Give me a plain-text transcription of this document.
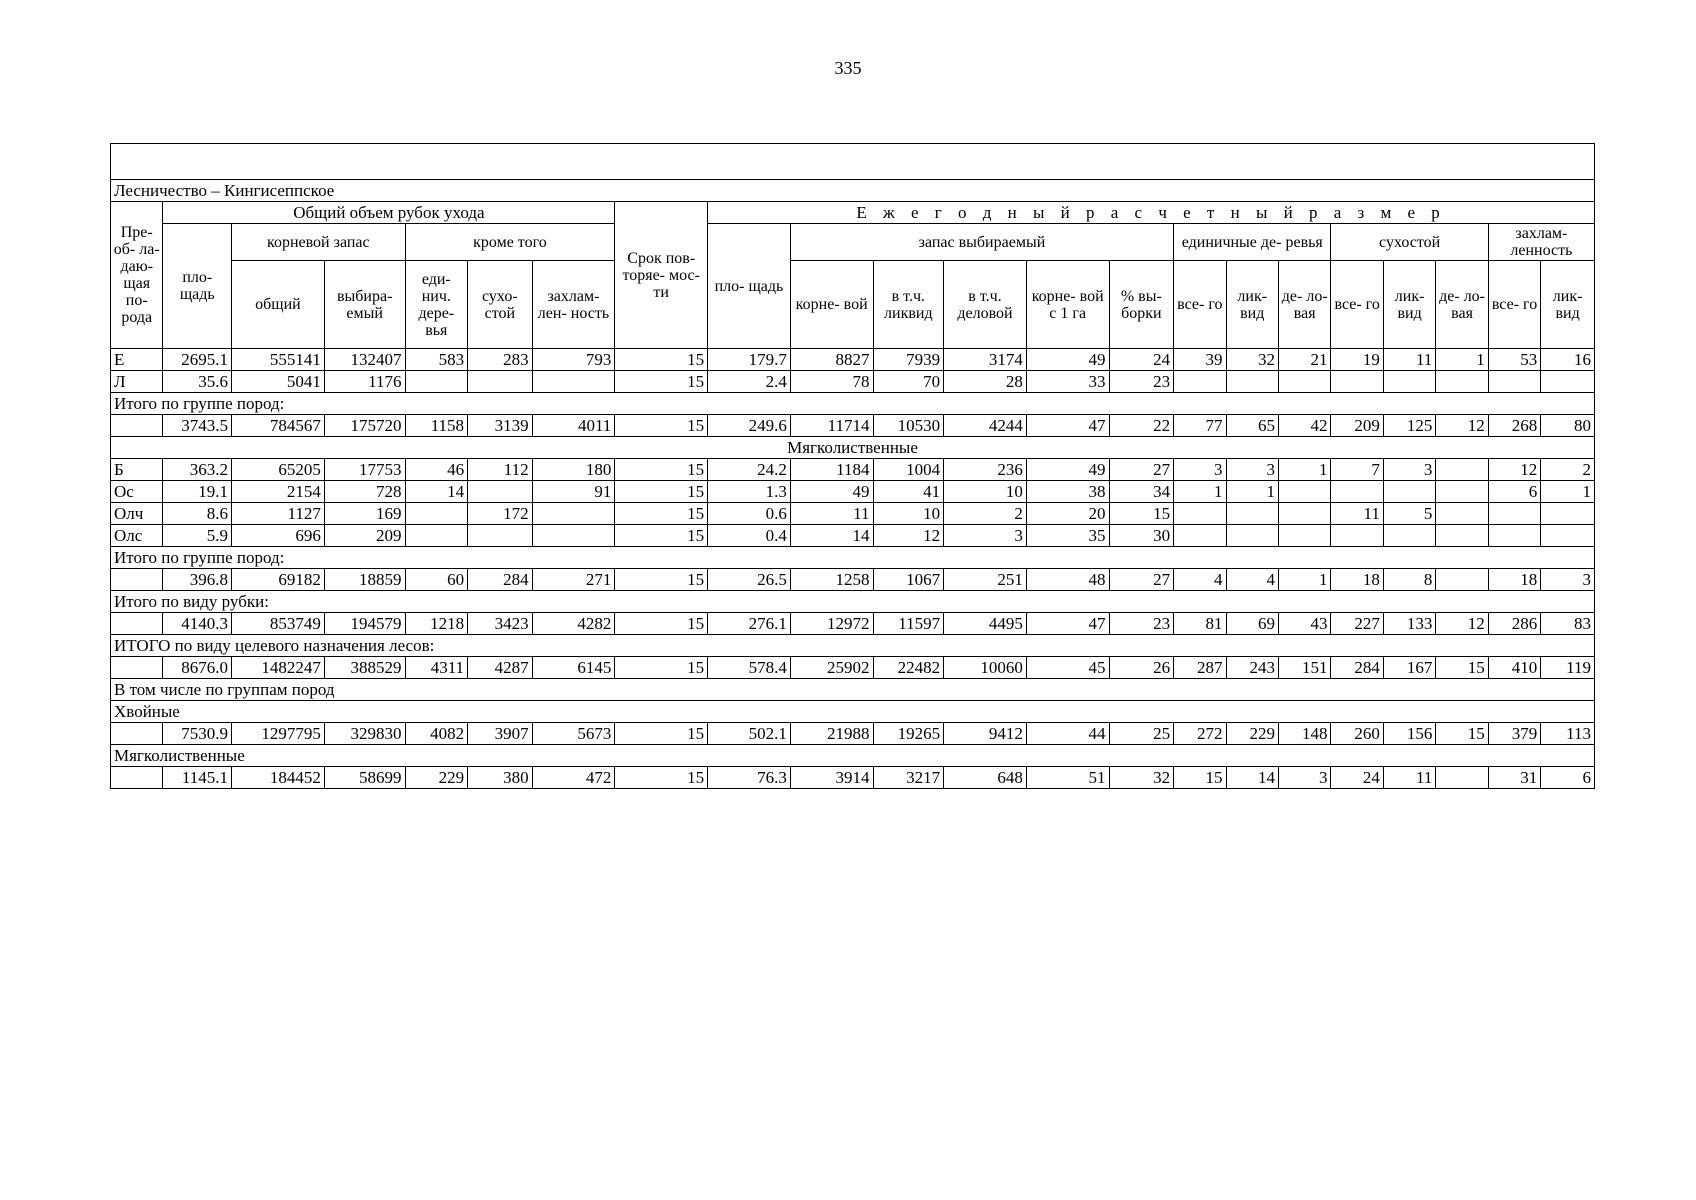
335

Лесничество – Кингисеппское																					
Пре- об- ла- даю- щая по- рода	Общий объем рубок ухода						Срок пов- торяе- мос- ти	Е ж е г о д н ы й р а с ч е т н ы й р а з м е р													
	пло- щадь	корневой запас		кроме того				пло- щадь	запас выбираемый					единичные де- ревья			сухостой			захлам- ленность	
		общий	выбира- емый	еди- нич. дере- вья	сухо- стой	захлам- лен- ность			корне- вой	в т.ч. ликвид	в т.ч. деловой	корне- вой с 1 га	% вы- борки	все- го	лик- вид	де- ло- вая	все- го	лик- вид	де- ло- вая	все- го	лик- вид
Е	2695.1	555141	132407	583	283	793	15	179.7	8827	7939	3174	49	24	39	32	21	19	11	1	53	16
Л	35.6	5041	1176				15	2.4	78	70	28	33	23								
Итого по группе пород:																					
	3743.5	784567	175720	1158	3139	4011	15	249.6	11714	10530	4244	47	22	77	65	42	209	125	12	268	80
Мягколиственные																					
Б	363.2	65205	17753	46	112	180	15	24.2	1184	1004	236	49	27	3	3	1	7	3		12	2
Ос	19.1	2154	728	14		91	15	1.3	49	41	10	38	34	1	1					6	1
Олч	8.6	1127	169		172		15	0.6	11	10	2	20	15				11	5			
Олс	5.9	696	209				15	0.4	14	12	3	35	30								
Итого по группе пород:																					
	396.8	69182	18859	60	284	271	15	26.5	1258	1067	251	48	27	4	4	1	18	8		18	3
Итого по виду рубки:																					
	4140.3	853749	194579	1218	3423	4282	15	276.1	12972	11597	4495	47	23	81	69	43	227	133	12	286	83
ИТОГО по виду целевого назначения лесов:																					
	8676.0	1482247	388529	4311	4287	6145	15	578.4	25902	22482	10060	45	26	287	243	151	284	167	15	410	119
В том числе по группам пород																					
Хвойные																					
	7530.9	1297795	329830	4082	3907	5673	15	502.1	21988	19265	9412	44	25	272	229	148	260	156	15	379	113
Мягколиственные																					
	1145.1	184452	58699	229	380	472	15	76.3	3914	3217	648	51	32	15	14	3	24	11		31	6
